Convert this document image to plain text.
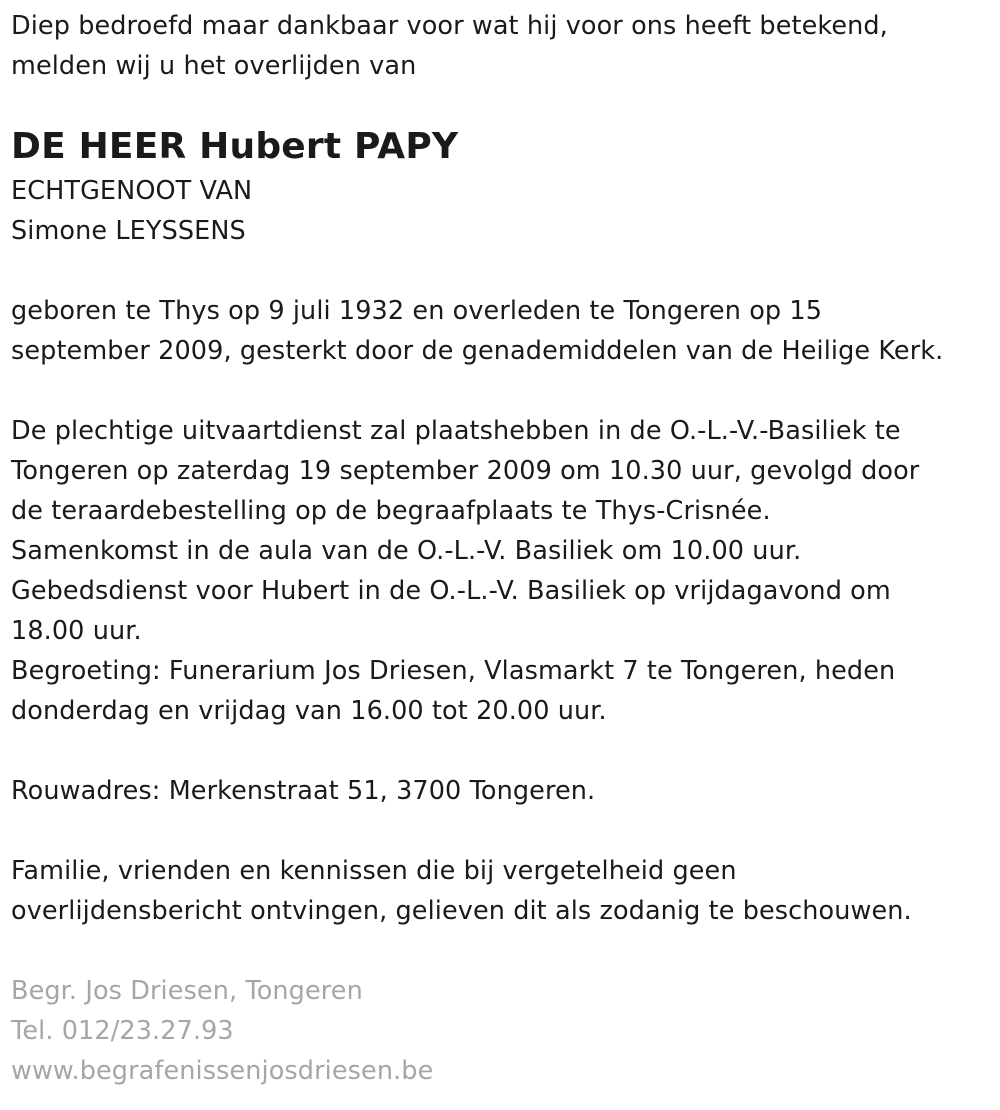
Diep bedroefd maar dankbaar voor wat hij voor ons heeft betekend,
melden wij u het overlijden van
DE HEER Hubert PAPY
ECHTGENOOT VAN
Simone LEYSSENS
geboren te Thys op 9 juli 1932 en overleden te Tongeren op 15
september 2009, gesterkt door de genademiddelen van de Heilige Kerk.
De plechtige uitvaartdienst zal plaatshebben in de O.-L.-V.-Basiliek te
Tongeren op zaterdag 19 september 2009 om 10.30 uur, gevolgd door
de teraardebestelling op de begraafplaats te Thys-Crisnée.
Samenkomst in de aula van de O.-L.-V. Basiliek om 10.00 uur.
Gebedsdienst voor Hubert in de O.-L.-V. Basiliek op vrijdagavond om
18.00 uur.
Begroeting: Funerarium Jos Driesen, Vlasmarkt 7 te Tongeren, heden
donderdag en vrijdag van 16.00 tot 20.00 uur.
Rouwadres: Merkenstraat 51, 3700 Tongeren.
Familie, vrienden en kennissen die bij vergetelheid geen
overlijdensbericht ontvingen, gelieven dit als zodanig te beschouwen.
Begr. Jos Driesen, Tongeren
Tel. 012/23.27.93
www.begrafenissenjosdriesen.be
